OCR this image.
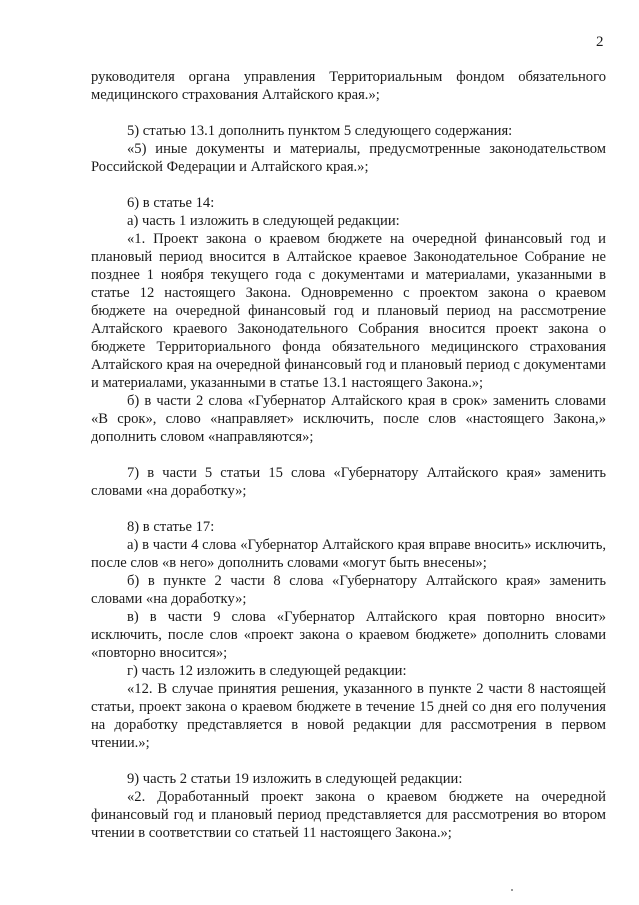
2

руководителя органа управления Территориальным фондом обязательного медицинского страхования Алтайского края.»;

5) статью 13.1 дополнить пунктом 5 следующего содержания:

«5) иные документы и материалы, предусмотренные законодательством Российской Федерации и Алтайского края.»;

6) в статье 14:

а) часть 1 изложить в следующей редакции:

«1. Проект закона о краевом бюджете на очередной финансовый год и плановый период вносится в Алтайское краевое Законодательное Собрание не позднее 1 ноября текущего года с документами и материалами, указанными в статье 12 настоящего Закона. Одновременно с проектом закона о краевом бюджете на очередной финансовый год и плановый период на рассмотрение Алтайского краевого Законодательного Собрания вносится проект закона о бюджете Территориального фонда обязательного медицинского страхования Алтайского края на очередной финансовый год и плановый период с документами и материалами, указанными в статье 13.1 настоящего Закона.»;

б) в части 2 слова «Губернатор Алтайского края в срок» заменить словами «В срок», слово «направляет» исключить, после слов «настоящего Закона,» дополнить словом «направляются»;

7) в части 5 статьи 15 слова «Губернатору Алтайского края» заменить словами «на доработку»;

8) в статье 17:

а) в части 4 слова «Губернатор Алтайского края вправе вносить» исключить, после слов «в него» дополнить словами «могут быть внесены»;

б) в пункте 2 части 8 слова «Губернатору Алтайского края» заменить словами «на доработку»;

в) в части 9 слова «Губернатор Алтайского края повторно вносит» исключить, после слов «проект закона о краевом бюджете» дополнить словами «повторно вносится»;

г) часть 12 изложить в следующей редакции:

«12. В случае принятия решения, указанного в пункте 2 части 8 настоящей статьи, проект закона о краевом бюджете в течение 15 дней со дня его получения на доработку представляется в новой редакции для рассмотрения в первом чтении.»;

9) часть 2 статьи 19 изложить в следующей редакции:

«2. Доработанный проект закона о краевом бюджете на очередной финансовый год и плановый период представляется для рассмотрения во втором чтении в соответствии со статьей 11 настоящего Закона.»;
